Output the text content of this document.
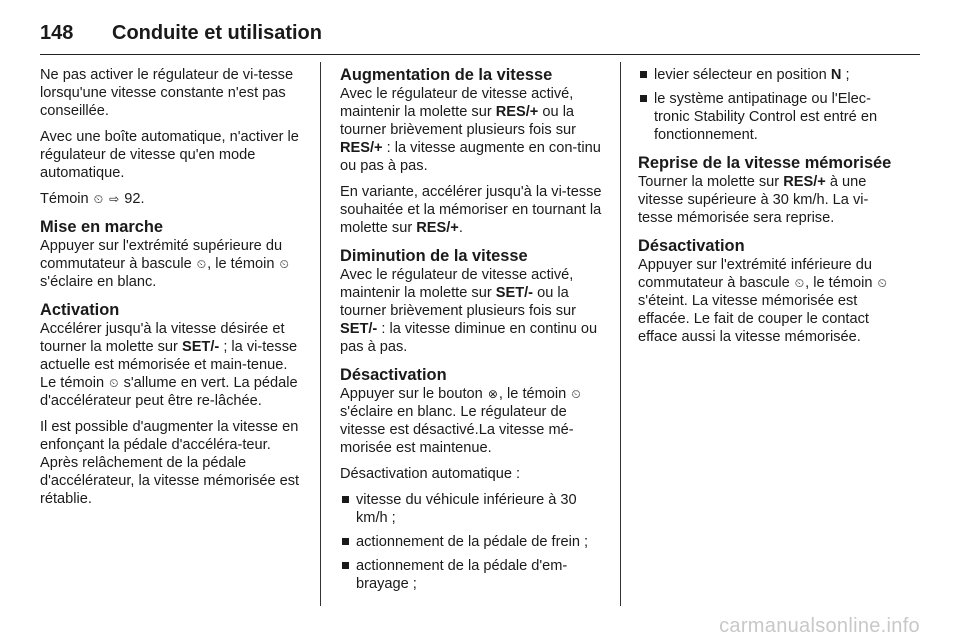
148	Conduite et utilisation

Ne pas activer le régulateur de vi-tesse lorsqu'une vitesse constante n'est pas conseillée.

Avec une boîte automatique, n'activer le régulateur de vitesse qu'en mode automatique.

Témoin ⏲ ⇨ 92.

Mise en marche

Appuyer sur l'extrémité supérieure du commutateur à bascule ⏲, le témoin ⏲ s'éclaire en blanc.

Activation

Accélérer jusqu'à la vitesse désirée et tourner la molette sur SET/- ; la vi-tesse actuelle est mémorisée et main-tenue. Le témoin ⏲ s'allume en vert. La pédale d'accélérateur peut être re-lâchée.

Il est possible d'augmenter la vitesse en enfonçant la pédale d'accéléra-teur. Après relâchement de la pédale d'accélérateur, la vitesse mémorisée est rétablie.

Augmentation de la vitesse

Avec le régulateur de vitesse activé, maintenir la molette sur RES/+ ou la tourner brièvement plusieurs fois sur RES/+ : la vitesse augmente en con-tinu ou pas à pas.

En variante, accélérer jusqu'à la vi-tesse souhaitée et la mémoriser en tournant la molette sur RES/+.

Diminution de la vitesse

Avec le régulateur de vitesse activé, maintenir la molette sur SET/- ou la tourner brièvement plusieurs fois sur SET/- : la vitesse diminue en continu ou pas à pas.

Désactivation

Appuyer sur le bouton ⊗, le témoin ⏲ s'éclaire en blanc. Le régulateur de vitesse est désactivé.La vitesse mé-morisée est maintenue.

Désactivation automatique :

vitesse du véhicule inférieure à 30 km/h ;
actionnement de la pédale de frein ;
actionnement de la pédale d'em-brayage ;
levier sélecteur en position N ;
le système antipatinage ou l'Elec-tronic Stability Control est entré en fonctionnement.
Reprise de la vitesse mémorisée

Tourner la molette sur RES/+ à une vitesse supérieure à 30 km/h. La vi-tesse mémorisée sera reprise.

Désactivation

Appuyer sur l'extrémité inférieure du commutateur à bascule ⏲, le témoin ⏲ s'éteint. La vitesse mémorisée est effacée. Le fait de couper le contact efface aussi la vitesse mémorisée.

carmanualsonline.info
